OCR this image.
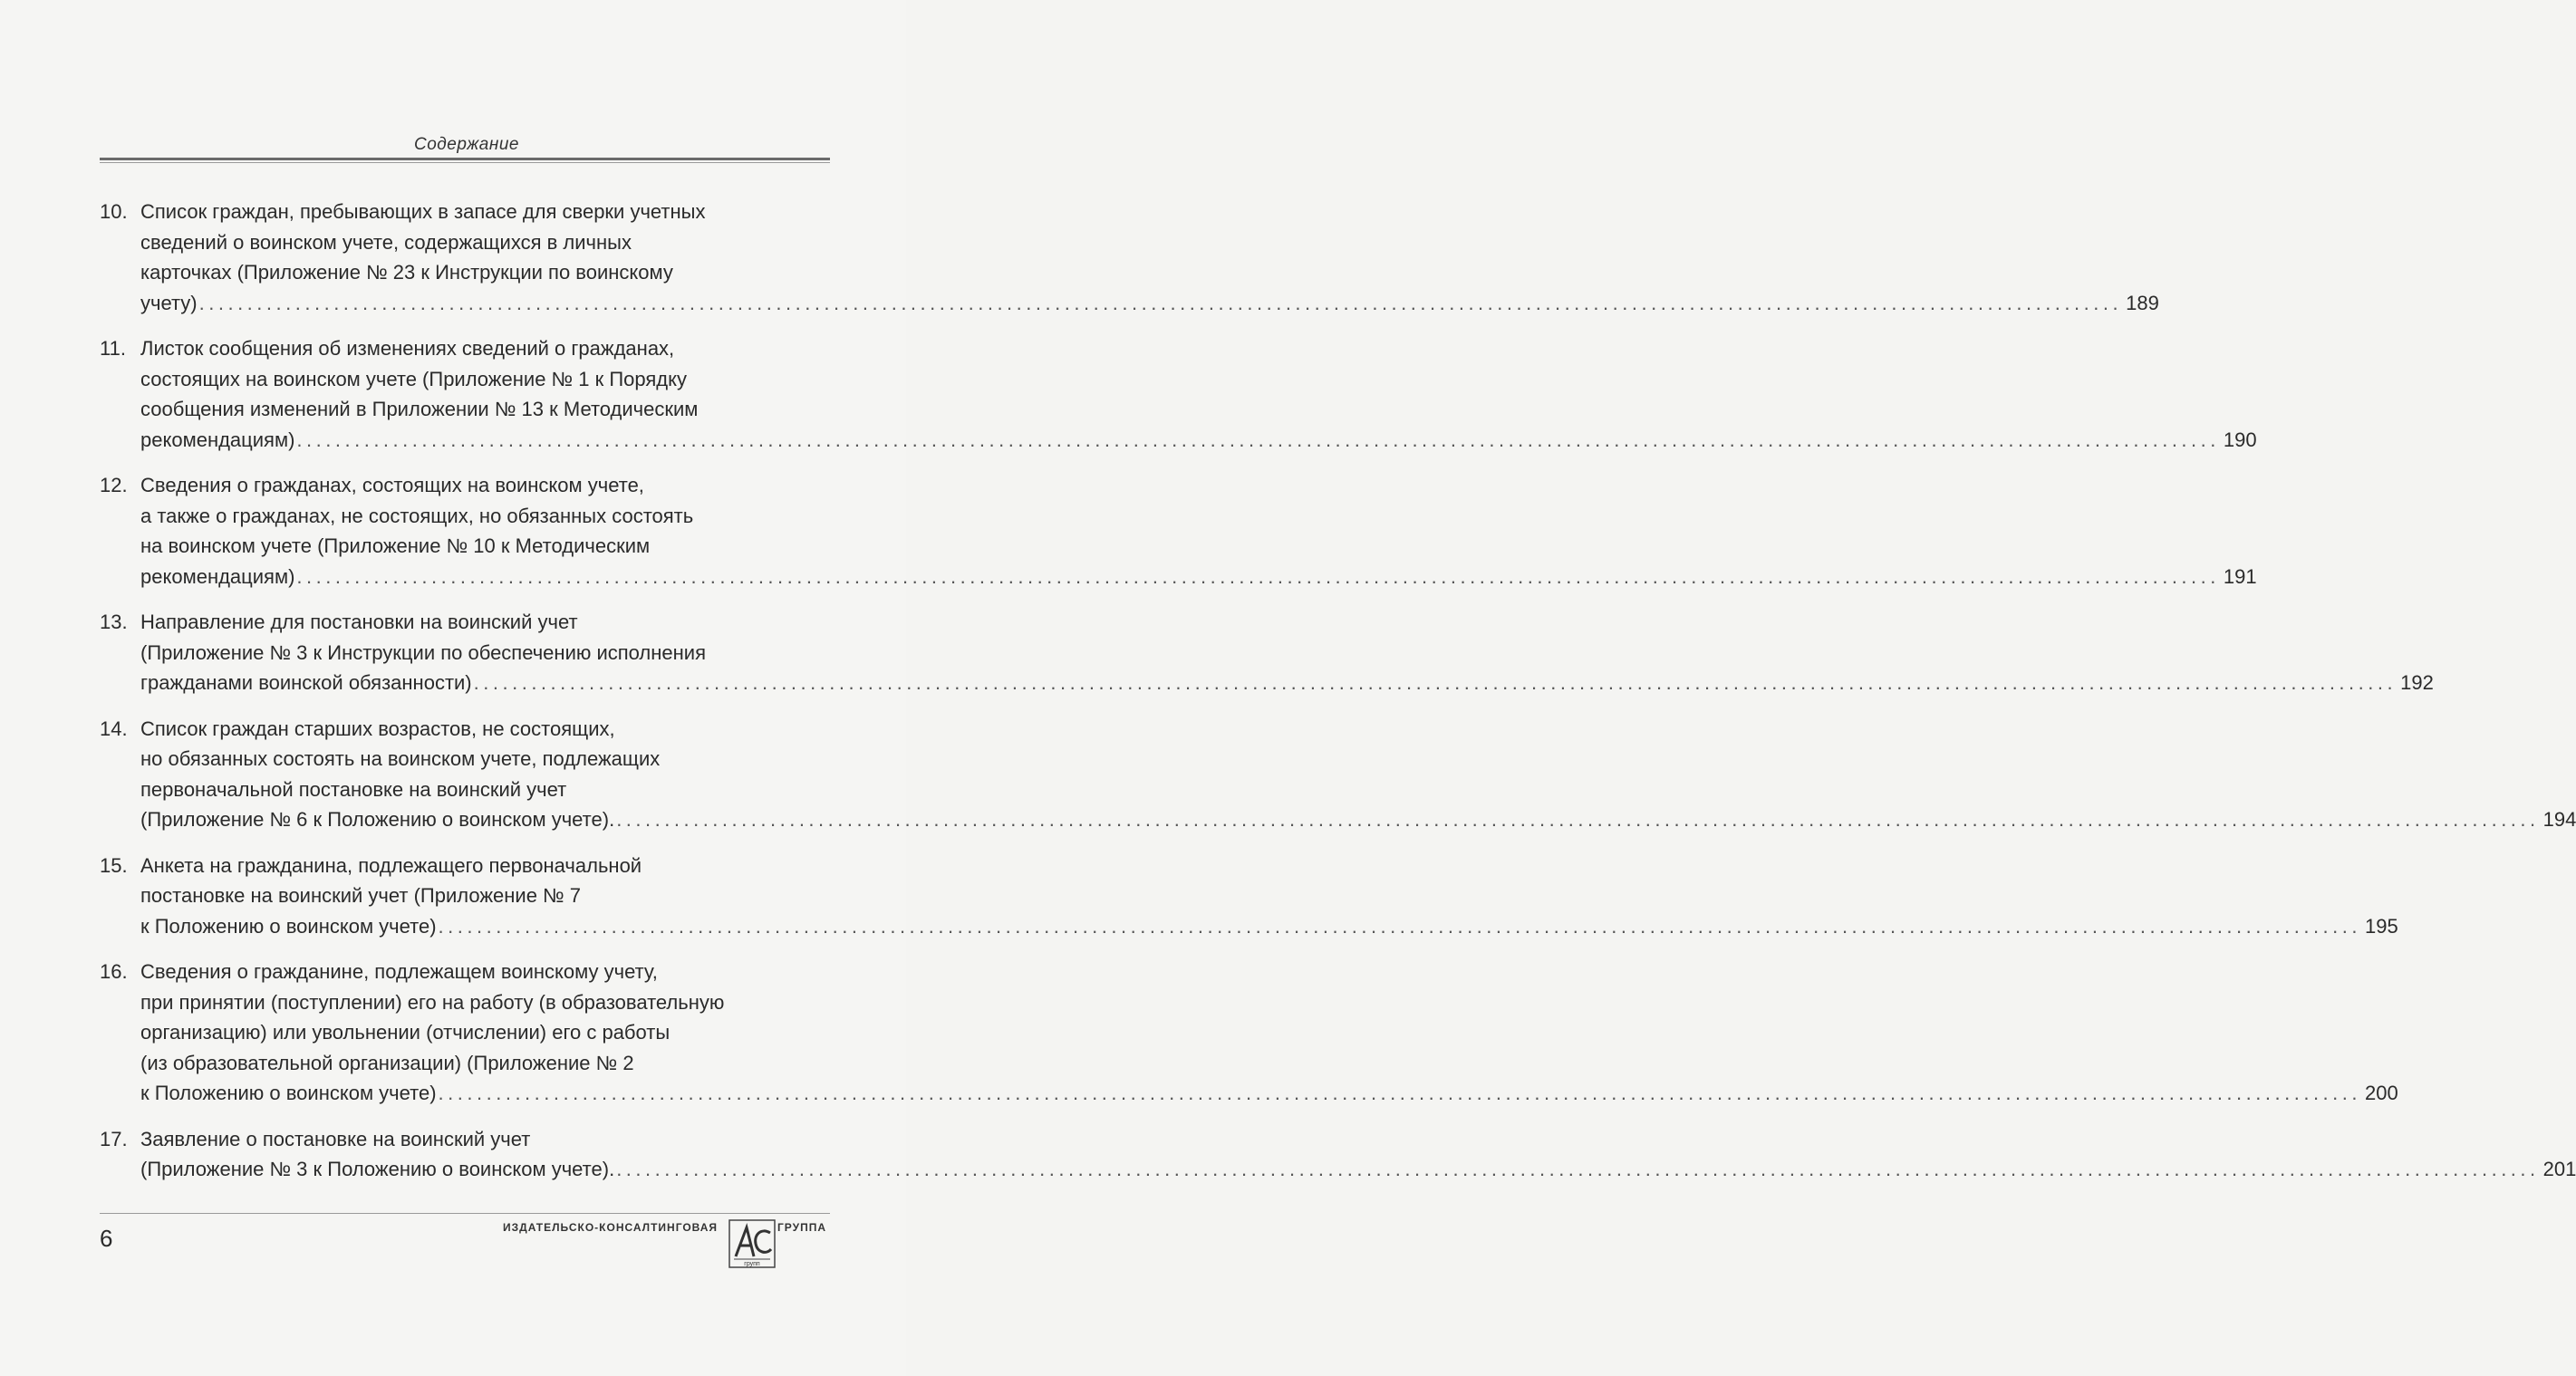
Содержание
10. Список граждан, пребывающих в запасе для сверки учетных
сведений о воинском учете, содержащихся в личных
карточках (Приложение № 23 к Инструкции по воинскому
учету) ........................................................................................................................................................................................................ 189
11. Листок сообщения об изменениях сведений о гражданах,
состоящих на воинском учете (Приложение № 1 к Порядку
сообщения изменений в Приложении № 13 к Методическим
рекомендациям) ........................................................................................................................................................................................................ 190
12. Сведения о гражданах, состоящих на воинском учете,
а также о гражданах, не состоящих, но обязанных состоять
на воинском учете (Приложение № 10 к Методическим
рекомендациям) ........................................................................................................................................................................................................ 191
13. Направление для постановки на воинский учет
(Приложение № 3 к Инструкции по обеспечению исполнения
гражданами воинской обязанности) ........................................................................................................................................................................................................ 192
14. Список граждан старших возрастов, не состоящих,
но обязанных состоять на воинском учете, подлежащих
первоначальной постановке на воинский учет
(Приложение № 6 к Положению о воинском учете). ........................................................................................................................................................................................................ 194
15. Анкета на гражданина, подлежащего первоначальной
постановке на воинский учет (Приложение № 7
к Положению о воинском учете) ........................................................................................................................................................................................................ 195
16. Сведения о гражданине, подлежащем воинскому учету,
при принятии (поступлении) его на работу (в образовательную
организацию) или увольнении (отчислении) его с работы
(из образовательной организации) (Приложение № 2
к Положению о воинском учете) ........................................................................................................................................................................................................ 200
17. Заявление о постановке на воинский учет
(Приложение № 3 к Положению о воинском учете). ........................................................................................................................................................................................................ 201
6	ИЗДАТЕЛЬСКО-КОНСАЛТИНГОВАЯ
групп
ГРУППА
